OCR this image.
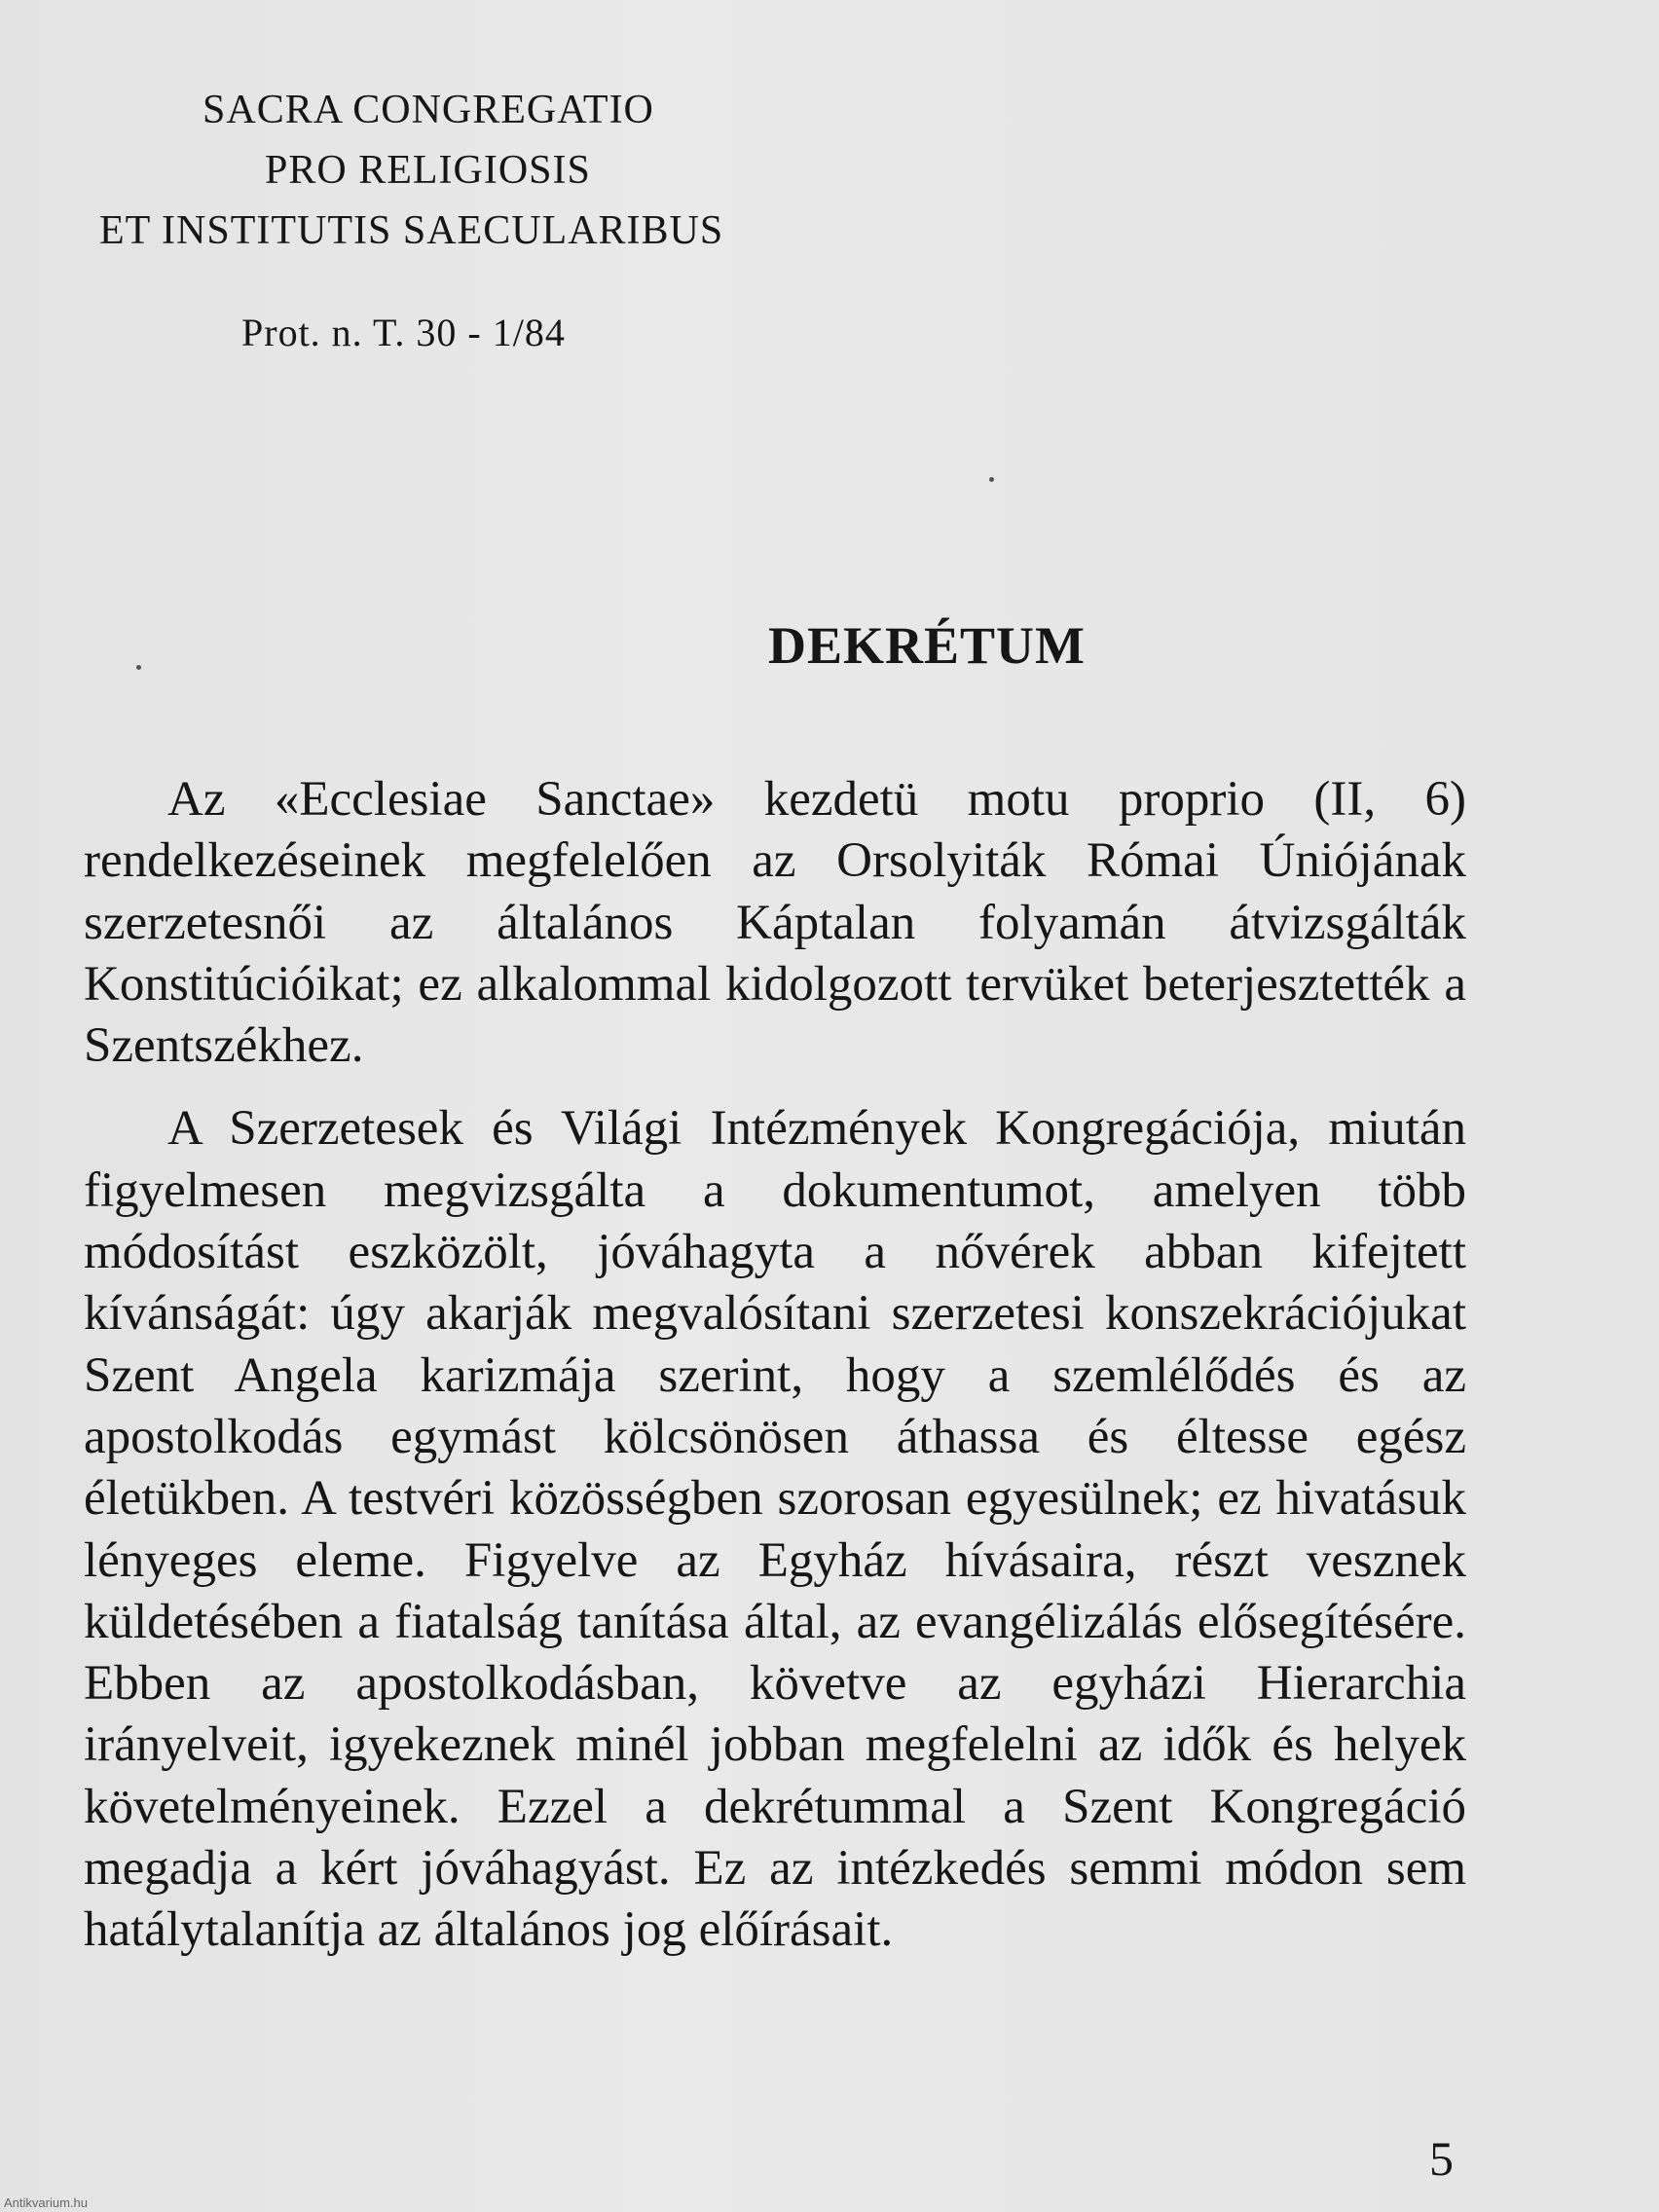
SACRA CONGREGATIO
PRO RELIGIOSIS
ET INSTITUTIS SAECULARIBUS
Prot. n. T. 30 - 1/84
DEKRÉTUM

Az «Ecclesiae Sanctae» kezdetü motu proprio (II, 6) rendelkezéseinek megfelelően az Orsolyiták Római Úniójának szerzetesnői az általános Káptalan folyamán átvizsgálták Konstitúcióikat; ez alkalommal kidolgozott tervüket beterjesztették a Szentszékhez.

A Szerzetesek és Világi Intézmények Kongregációja, miután figyelmesen megvizsgálta a dokumentumot, amelyen több módosítást eszközölt, jóváhagyta a nővérek abban kifejtett kívánságát: úgy akarják megvalósítani szerzetesi konszekrációjukat Szent Angela karizmája szerint, hogy a szemlélődés és az apostolkodás egymást kölcsönösen áthassa és éltesse egész életükben. A testvéri közösségben szorosan egyesülnek; ez hivatásuk lényeges eleme. Figyelve az Egyház hívásaira, részt vesznek küldetésében a fiatalság tanítása által, az evangélizálás elősegítésére. Ebben az apostolkodásban, követve az egyházi Hierarchia irányelveit, igyekeznek minél jobban megfelelni az idők és helyek követelményeinek. Ezzel a dekrétummal a Szent Kongregáció megadja a kért jóváhagyást. Ez az intézkedés semmi módon sem hatálytalanítja az általános jog előírásait.

5
Antikvarium.hu
